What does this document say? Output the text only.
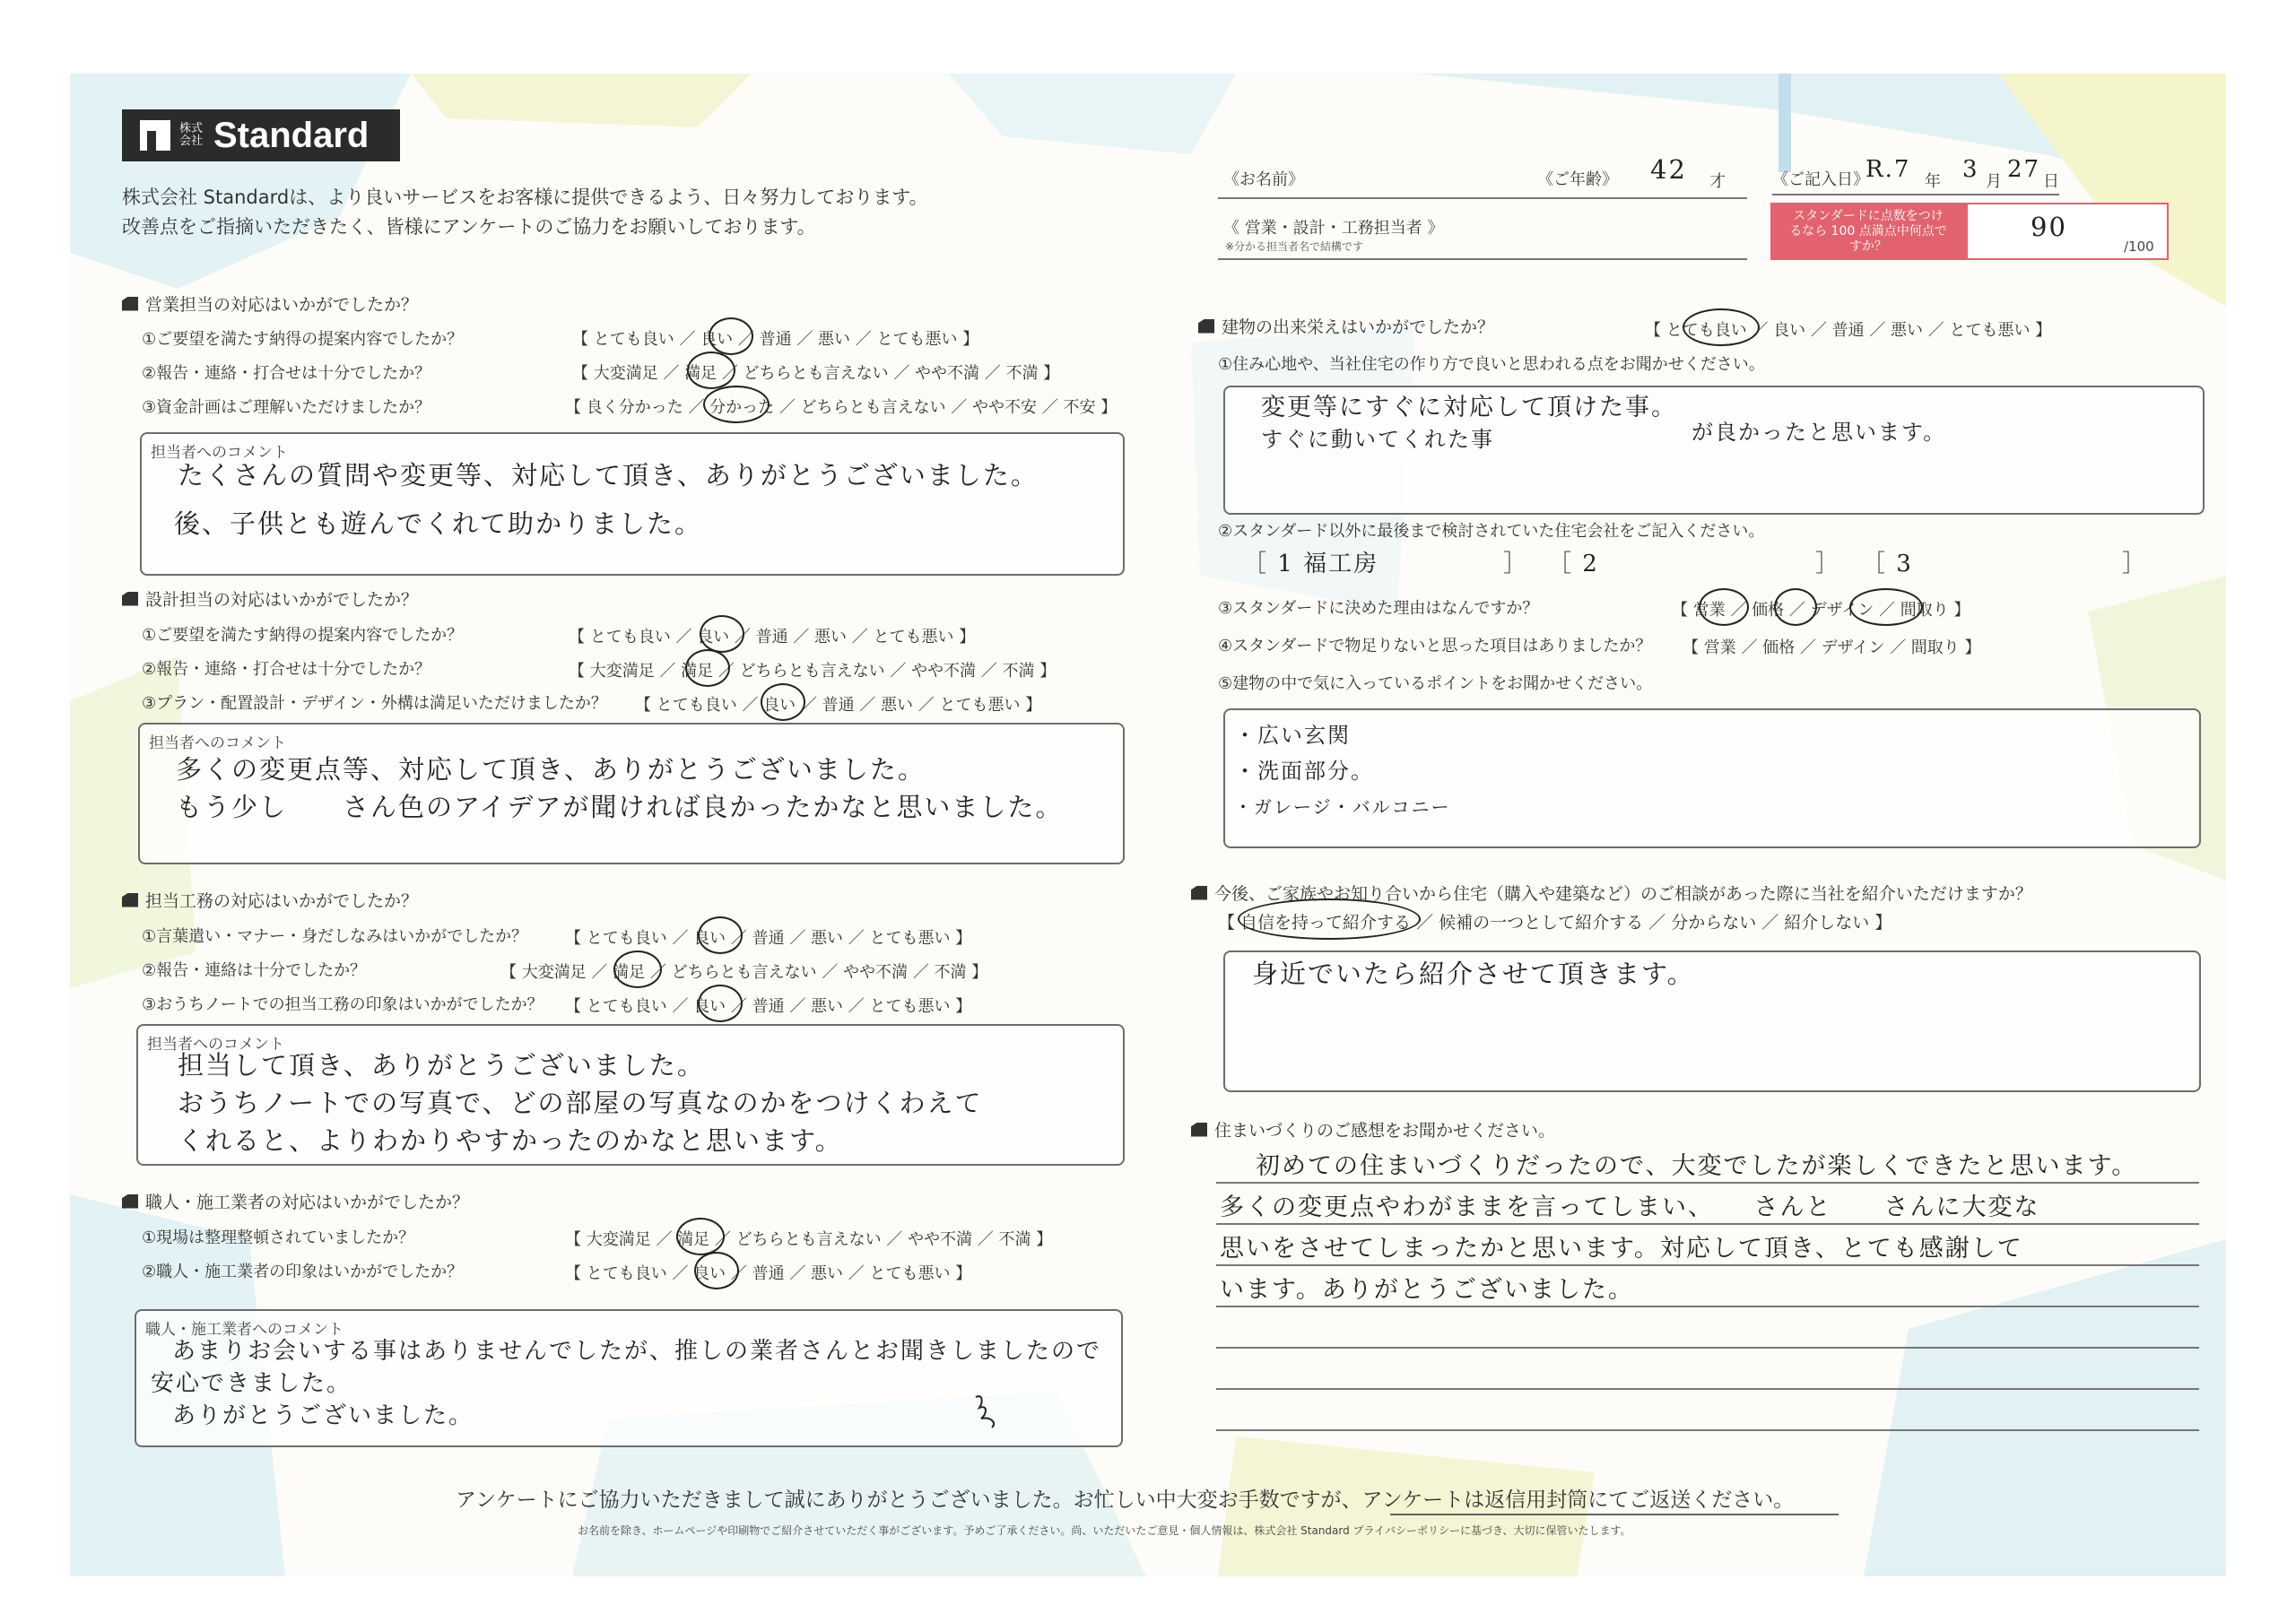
株式会社 Standard
株式会社 Standardは、より良いサービスをお客様に提供できるよう、日々努力しております。
改善点をご指摘いただきたく、皆様にアンケートのご協力をお願いしております。
営業担当の対応はいかがでしたか？
①ご要望を満たす納得の提案内容でしたか？	【 とても良い ／ 良い ／ 普通 ／ 悪い ／ とても悪い 】
②報告・連絡・打合せは十分でしたか？	【 大変満足 ／ 満足 ／ どちらとも言えない ／ やや不満 ／ 不満 】
③資金計画はご理解いただけましたか？	【 良く分かった ／ 分かった ／ どちらとも言えない ／ やや不安 ／ 不安 】
担当者へのコメント
たくさんの質問や変更等、対応して頂き、ありがとうございました。
後、子供とも遊んでくれて助かりました。
設計担当の対応はいかがでしたか？
①ご要望を満たす納得の提案内容でしたか？	【 とても良い ／ 良い ／ 普通 ／ 悪い ／ とても悪い 】
②報告・連絡・打合せは十分でしたか？	【 大変満足 ／ 満足 ／ どちらとも言えない ／ やや不満 ／ 不満 】
③プラン・配置設計・デザイン・外構は満足いただけましたか？ 【 とても良い ／ 良い ／ 普通 ／ 悪い ／ とても悪い 】
担当者へのコメント
多くの変更点等、対応して頂き、ありがとうございました。
もう少し　　さん色のアイデアが聞ければ良かったかなと思いました。
担当工務の対応はいかがでしたか？
①言葉遣い・マナー・身だしなみはいかがでしたか？ 【 とても良い ／ 良い ／ 普通 ／ 悪い ／ とても悪い 】
②報告・連絡は十分でしたか？	【 大変満足 ／ 満足 ／ どちらとも言えない ／ やや不満 ／ 不満 】
③おうちノートでの担当工務の印象はいかがでしたか？ 【 とても良い ／ 良い ／ 普通 ／ 悪い ／ とても悪い 】
担当者へのコメント
担当して頂き、ありがとうございました。
おうちノートでの写真で、どの部屋の写真なのかをつけくわえて
くれると、よりわかりやすかったのかなと思います。
職人・施工業者の対応はいかがでしたか？
①現場は整理整頓されていましたか？	【 大変満足 ／ 満足 ／ どちらとも言えない ／ やや不満 ／ 不満 】
②職人・施工業者の印象はいかがでしたか？	【 とても良い ／ 良い ／ 普通 ／ 悪い ／ とても悪い 】
職人・施工業者へのコメント
あまりお会いする事はありませんでしたが、推しの業者さんとお聞きしましたので
安心できました。
ありがとうございました。
《お名前》	《ご年齢》 42 才	《ご記入日》
R.7 年 3 月 27 日
《 営業・設計・工務担当者 》
※分かる担当者名で結構です
スタンダードに点数をつけるなら 100 点満点中何点ですか？
90
/100
建物の出来栄えはいかがでしたか？	【 とても良い ／ 良い ／ 普通 ／ 悪い ／ とても悪い 】
①住み心地や、当社住宅の作り方で良いと思われる点をお聞かせください。
変更等にすぐに対応して頂けた事。
すぐに動いてくれた事	が良かったと思います。
②スタンダード以外に最後まで検討されていた住宅会社をご記入ください。
［ 1 福工房	］ ［ 2	］ ［ 3	］
③スタンダードに決めた理由はなんですか？	【 営業 ／ 価格 ／ デザイン ／ 間取り 】
④スタンダードで物足りないと思った項目はありましたか？ 【 営業 ／ 価格 ／ デザイン ／ 間取り 】
⑤建物の中で気に入っているポイントをお聞かせください。
・広い玄関
・洗面部分。
・ガレージ・バルコニー
今後、ご家族やお知り合いから住宅（購入や建築など）のご相談があった際に当社を紹介いただけますか？
【 自信を持って紹介する ／ 候補の一つとして紹介する ／ 分からない ／ 紹介しない 】
身近でいたら紹介させて頂きます。
住まいづくりのご感想をお聞かせください。
初めての住まいづくりだったので、大変でしたが楽しくできたと思います。
多くの変更点やわがままを言ってしまい、　　さんと　　さんに大変な
思いをさせてしまったかと思います。対応して頂き、とても感謝して
います。ありがとうございました。
アンケートにご協力いただきまして誠にありがとうございました。お忙しい中大変お手数ですが、アンケートは返信用封筒にてご返送ください。
お名前を除き、ホームページや印刷物でご紹介させていただく事がございます。予めご了承ください。尚、いただいたご意見・個人情報は、株式会社 Standard プライバシーポリシーに基づき、大切に保管いたします。
